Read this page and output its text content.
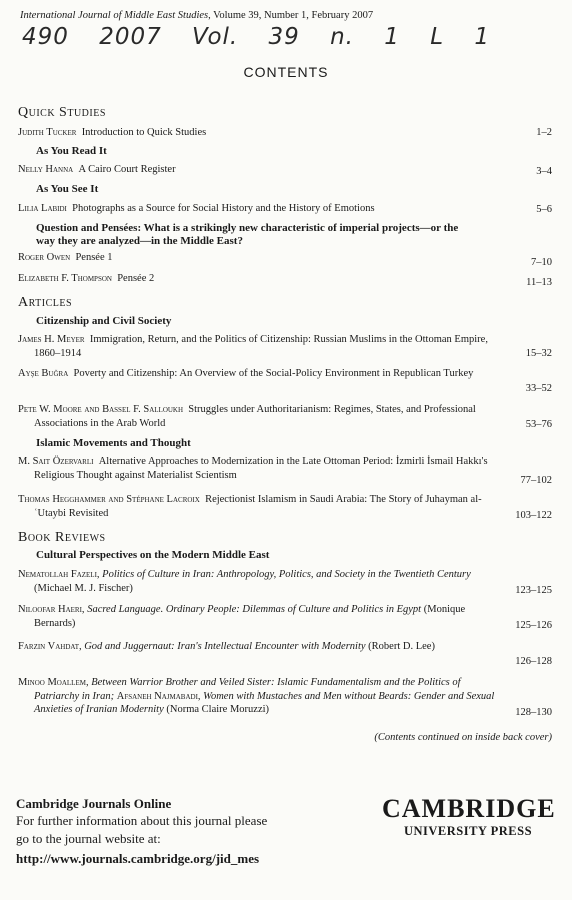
International Journal of Middle East Studies, Volume 39, Number 1, February 2007
490 2007 Vol. 39 n. 1 L 1
CONTENTS
Quick Studies
Judith Tucker Introduction to Quick Studies	1–2
As You Read It
Nelly Hanna A Cairo Court Register	3–4
As You See It
Lilia Labidi Photographs as a Source for Social History and the History of Emotions	5–6
Question and Pensées: What is a strikingly new characteristic of imperial projects—or the way they are analyzed—in the Middle East?
Roger Owen Pensée 1	7–10
Elizabeth F. Thompson Pensée 2	11–13
Articles
Citizenship and Civil Society
James H. Meyer Immigration, Return, and the Politics of Citizenship: Russian Muslims in the Ottoman Empire, 1860–1914	15–32
Ayşe Buğra Poverty and Citizenship: An Overview of the Social-Policy Environment in Republican Turkey
33–52
Pete W. Moore and Bassel F. Salloukh Struggles under Authoritarianism: Regimes, States, and Professional Associations in the Arab World	53–76
Islamic Movements and Thought
M. Sait Özervarli Alternative Approaches to Modernization in the Late Ottoman Period: İzmirli İsmail Hakkı's Religious Thought against Materialist Scientism	77–102
Thomas Hegghammer and Stéphane Lacroix Rejectionist Islamism in Saudi Arabia: The Story of Juhayman al-ʿUtaybi Revisited	103–122
Book Reviews
Cultural Perspectives on the Modern Middle East
Nematollah Fazeli, Politics of Culture in Iran: Anthropology, Politics, and Society in the Twentieth Century (Michael M. J. Fischer)	123–125
Niloofar Haeri, Sacred Language. Ordinary People: Dilemmas of Culture and Politics in Egypt (Monique Bernards)	125–126
Farzin Vahdat, God and Juggernaut: Iran's Intellectual Encounter with Modernity (Robert D. Lee)
126–128
Minoo Moallem, Between Warrior Brother and Veiled Sister: Islamic Fundamentalism and the Politics of Patriarchy in Iran; Afsaneh Najmabadi, Women with Mustaches and Men without Beards: Gender and Sexual Anxieties of Iranian Modernity (Norma Claire Moruzzi)	128–130
(Contents continued on inside back cover)
Cambridge Journals Online
For further information about this journal please
go to the journal website at:
http://www.journals.cambridge.org/jid_mes
CAMBRIDGE
UNIVERSITY PRESS
